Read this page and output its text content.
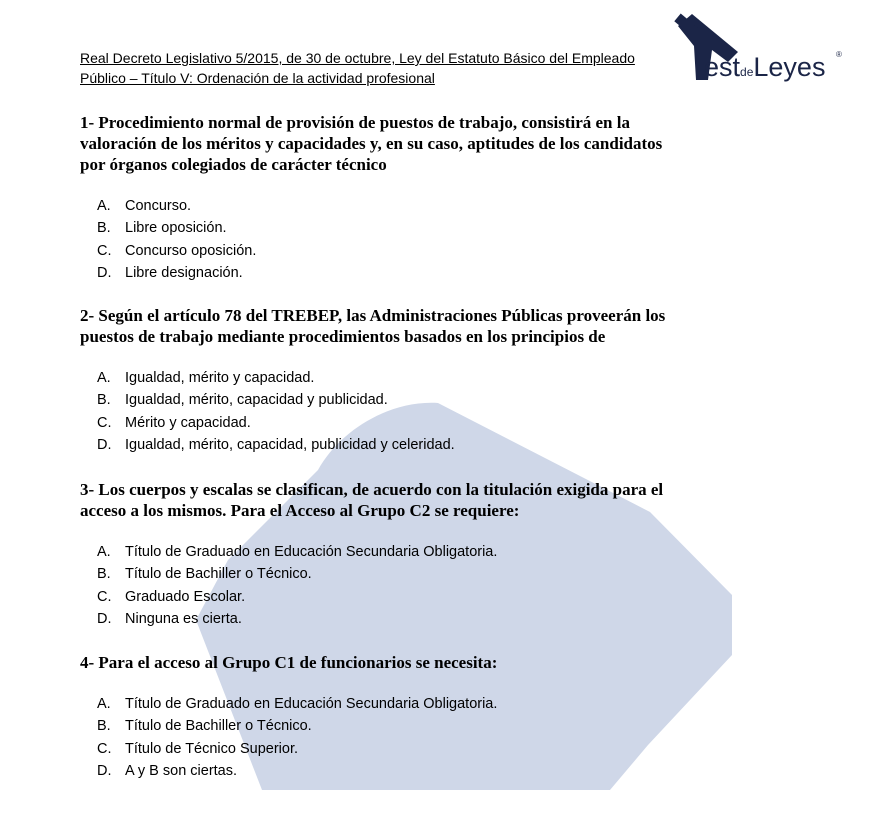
estdeLeyes ®
Real Decreto Legislativo 5/2015, de 30 de octubre, Ley del Estatuto Básico del Empleado
Público – Título V: Ordenación de la actividad profesional

1- Procedimiento normal de provisión de puestos de trabajo, consistirá en la
valoración de los méritos y capacidades y, en su caso, aptitudes de los candidatos
por órganos colegiados de carácter técnico

A. Concurso.
B. Libre oposición.
C. Concurso oposición.
D. Libre designación.

2- Según el artículo 78 del TREBEP, las Administraciones Públicas proveerán los
puestos de trabajo mediante procedimientos basados en los principios de

A. Igualdad, mérito y capacidad.
B. Igualdad, mérito, capacidad y publicidad.
C. Mérito y capacidad.
D. Igualdad, mérito, capacidad, publicidad y celeridad.

3- Los cuerpos y escalas se clasifican, de acuerdo con la titulación exigida para el
acceso a los mismos. Para el Acceso al Grupo C2 se requiere:

A. Título de Graduado en Educación Secundaria Obligatoria.
B. Título de Bachiller o Técnico.
C. Graduado Escolar.
D. Ninguna es cierta.

4- Para el acceso al Grupo C1 de funcionarios se necesita:

A. Título de Graduado en Educación Secundaria Obligatoria.
B. Título de Bachiller o Técnico.
C. Título de Técnico Superior.
D. A y B son ciertas.
